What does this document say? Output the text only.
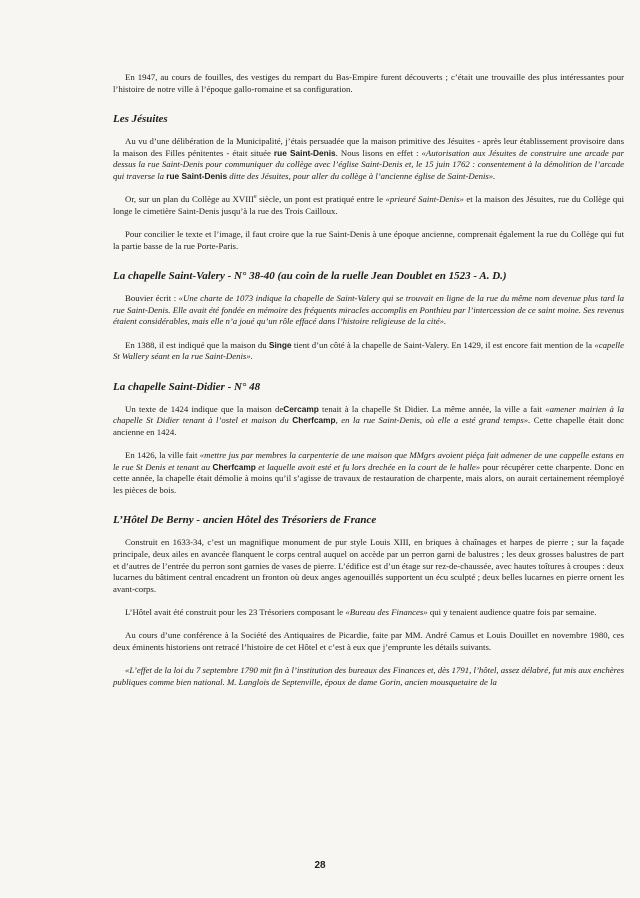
En 1947, au cours de fouilles, des vestiges du rempart du Bas-Empire furent découverts ; c’était une trouvaille des plus intéressantes pour l’histoire de notre ville à l’époque gallo-romaine et sa configuration.

Les Jésuites

Au vu d’une délibération de la Municipalité, j’étais persuadée que la maison primitive des Jésuites - après leur établissement provisoire dans la maison des Filles pénitentes - était située rue Saint-Denis. Nous lisons en effet : «Autorisation aux Jésuites de construire une arcade par dessus la rue Saint-Denis pour communiquer du collège avec l’église Saint-Denis et, le 15 juin 1762 : consentement à la démolition de l’arcade qui traverse la rue Saint-Denis ditte des Jésuites, pour aller du collège à l’ancienne église de Saint-Denis».

Or, sur un plan du Collège au XVIIIe siècle, un pont est pratiqué entre le «prieuré Saint-Denis» et la maison des Jésuites, rue du Collège qui longe le cimetière Saint-Denis jusqu’à la rue des Trois Cailloux.

Pour concilier le texte et l’image, il faut croire que la rue Saint-Denis à une époque ancienne, comprenait également la rue du Collège qui fut la partie basse de la rue Porte-Paris.

La chapelle Saint-Valery - N° 38-40 (au coin de la ruelle Jean Doublet en 1523 - A. D.)

Bouvier écrit : «Une charte de 1073 indique la chapelle de Saint-Valery qui se trouvait en ligne de la rue du même nom devenue plus tard la rue Saint-Denis. Elle avait été fondée en mémoire des fréquents miracles accomplis en Ponthieu par l’intercession de ce saint moine. Ses revenus étaient considérables, mais elle n’a joué qu’un rôle effacé dans l’histoire religieuse de la cité».

En 1388, il est indiqué que la maison du Singe tient d’un côté à la chapelle de Saint-Valery. En 1429, il est encore fait mention de la «capelle St Wallery séant en la rue Saint-Denis».

La chapelle Saint-Didier - N° 48

Un texte de 1424 indique que la maison deCercamp tenait à la chapelle St Didier. La même année, la ville a fait «amener mairien à la chapelle St Didier tenant à l’ostel et maison du Cherfcamp, en la rue Saint-Denis, où elle a esté grand temps». Cette chapelle était donc ancienne en 1424.

En 1426, la ville fait «mettre jus par membres la carpenterie de une maison que MMgrs avoient piéça fait admener de une cappelle estans en le rue St Denis et tenant au Cherfcamp et laquelle avoit esté et fu lors drechée en la court de le halle» pour récupérer cette charpente. Donc en cette année, la chapelle était démolie à moins qu’il s’agisse de travaux de restauration de charpente, mais alors, on aurait certainement réemployé les pièces de bois.

L’Hôtel De Berny - ancien Hôtel des Trésoriers de France

Construit en 1633-34, c’est un magnifique monument de pur style Louis XIII, en briques à chaînages et harpes de pierre ; sur la façade principale, deux ailes en avancée flanquent le corps central auquel on accède par un perron garni de balustres ; les deux grosses balustres de part et d’autres de l’entrée du perron sont garnies de vases de pierre. L’édifice est d’un étage sur rez-de-chaussée, avec hautes toîtures à croupes : deux lucarnes du bâtiment central encadrent un fronton où deux anges agenouillés supportent un écu sculpté ; deux belles lucarnes en pierre ornent les avant-corps.

L’Hôtel avait été construit pour les 23 Trésoriers composant le «Bureau des Finances» qui y tenaient audience quatre fois par semaine.

Au cours d’une conférence à la Société des Antiquaires de Picardie, faite par MM. André Camus et Louis Douillet en novembre 1980, ces deux éminents historiens ont retracé l’histoire de cet Hôtel et c’est à eux que j’emprunte les détails suivants.

«L’effet de la loi du 7 septembre 1790 mit fin à l’institution des bureaux des Finances et, dès 1791, l’hôtel, assez délabré, fut mis aux enchères publiques comme bien national. M. Langlois de Septenville, époux de dame Gorin, ancien mousquetaire de la

28
